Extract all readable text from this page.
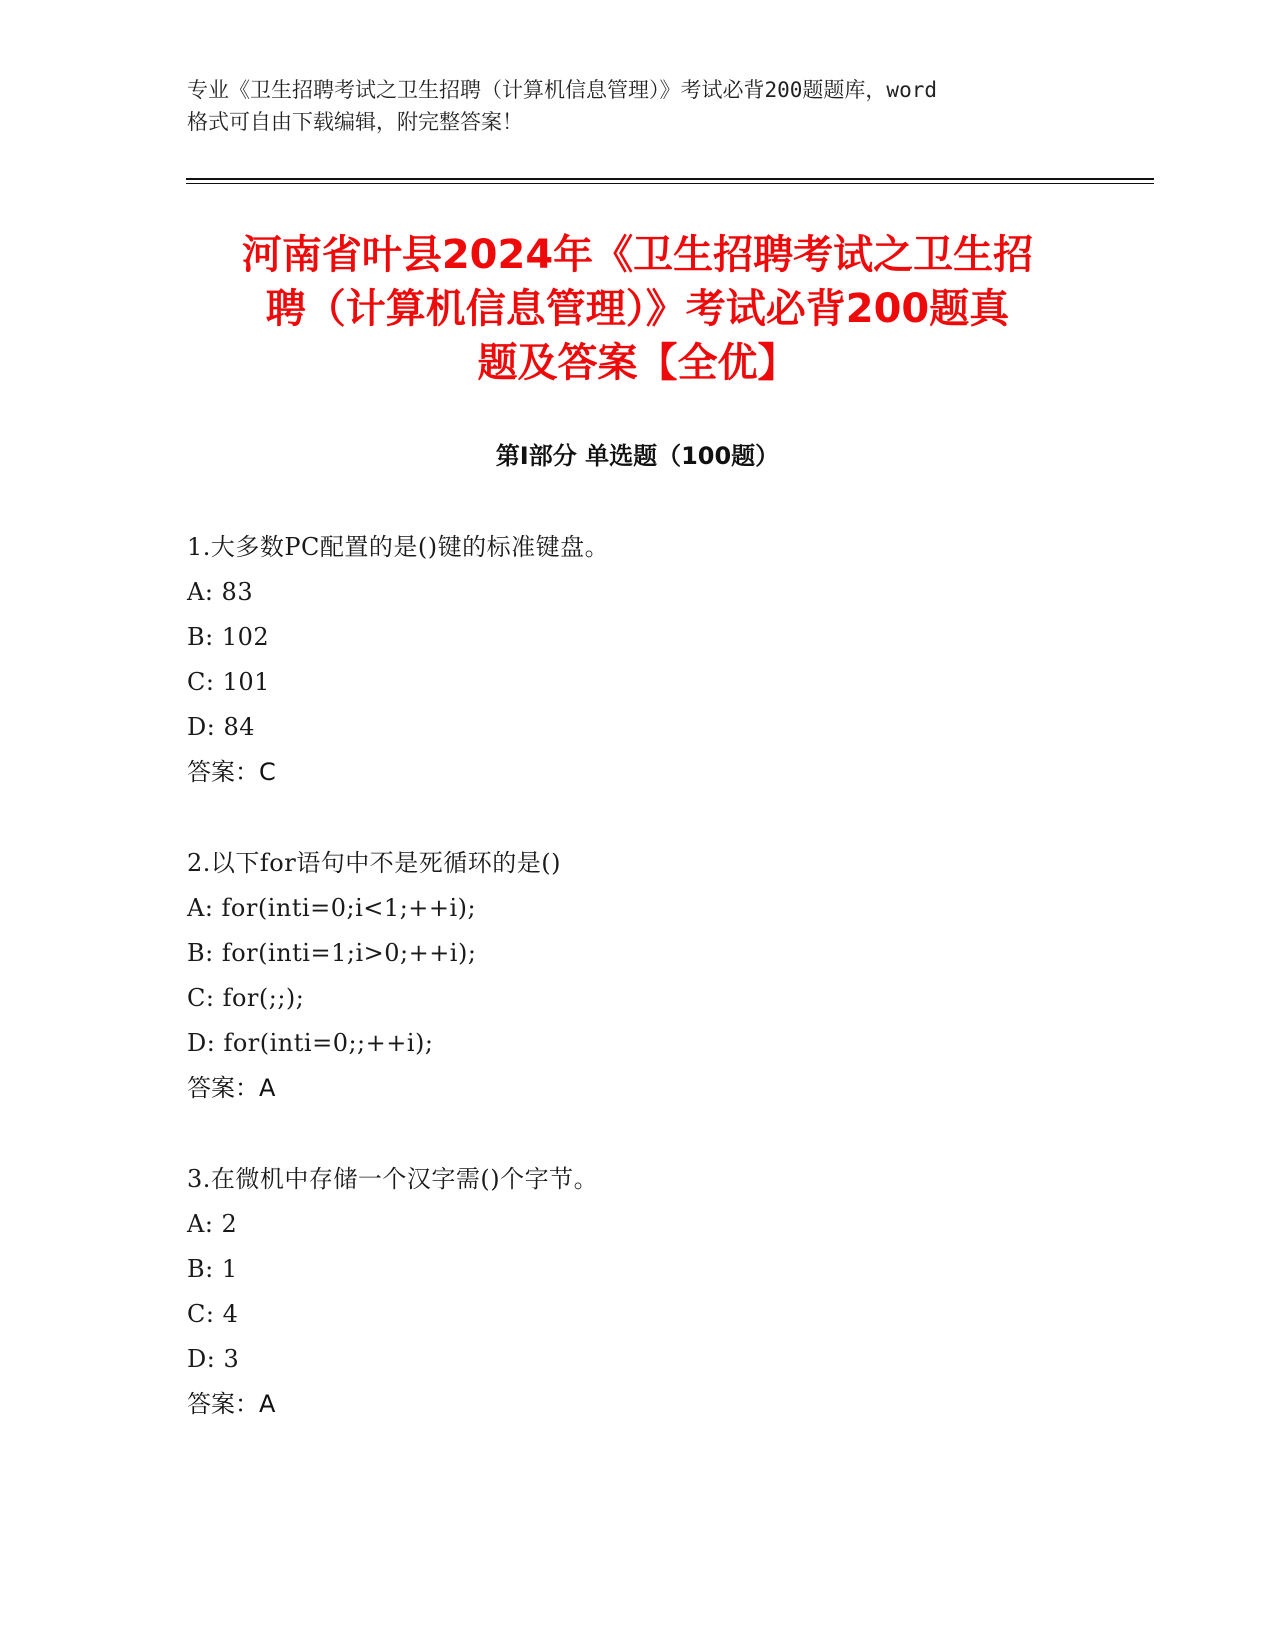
专业《卫生招聘考试之卫生招聘（计算机信息管理）》考试必背200题题库，word
格式可自由下载编辑，附完整答案！
河南省叶县2024年《卫生招聘考试之卫生招
聘（计算机信息管理）》考试必背200题真
题及答案【全优】
第Ⅰ部分 单选题（100题）
1.大多数PC配置的是()键的标准键盘。
A: 83
B: 102
C: 101
D: 84
答案：C
2.以下for语句中不是死循环的是()
A: for(inti=0;i<1;++i);
B: for(inti=1;i>0;++i);
C: for(;;);
D: for(inti=0;;++i);
答案：A
3.在微机中存储一个汉字需()个字节。
A: 2
B: 1
C: 4
D: 3
答案：A
